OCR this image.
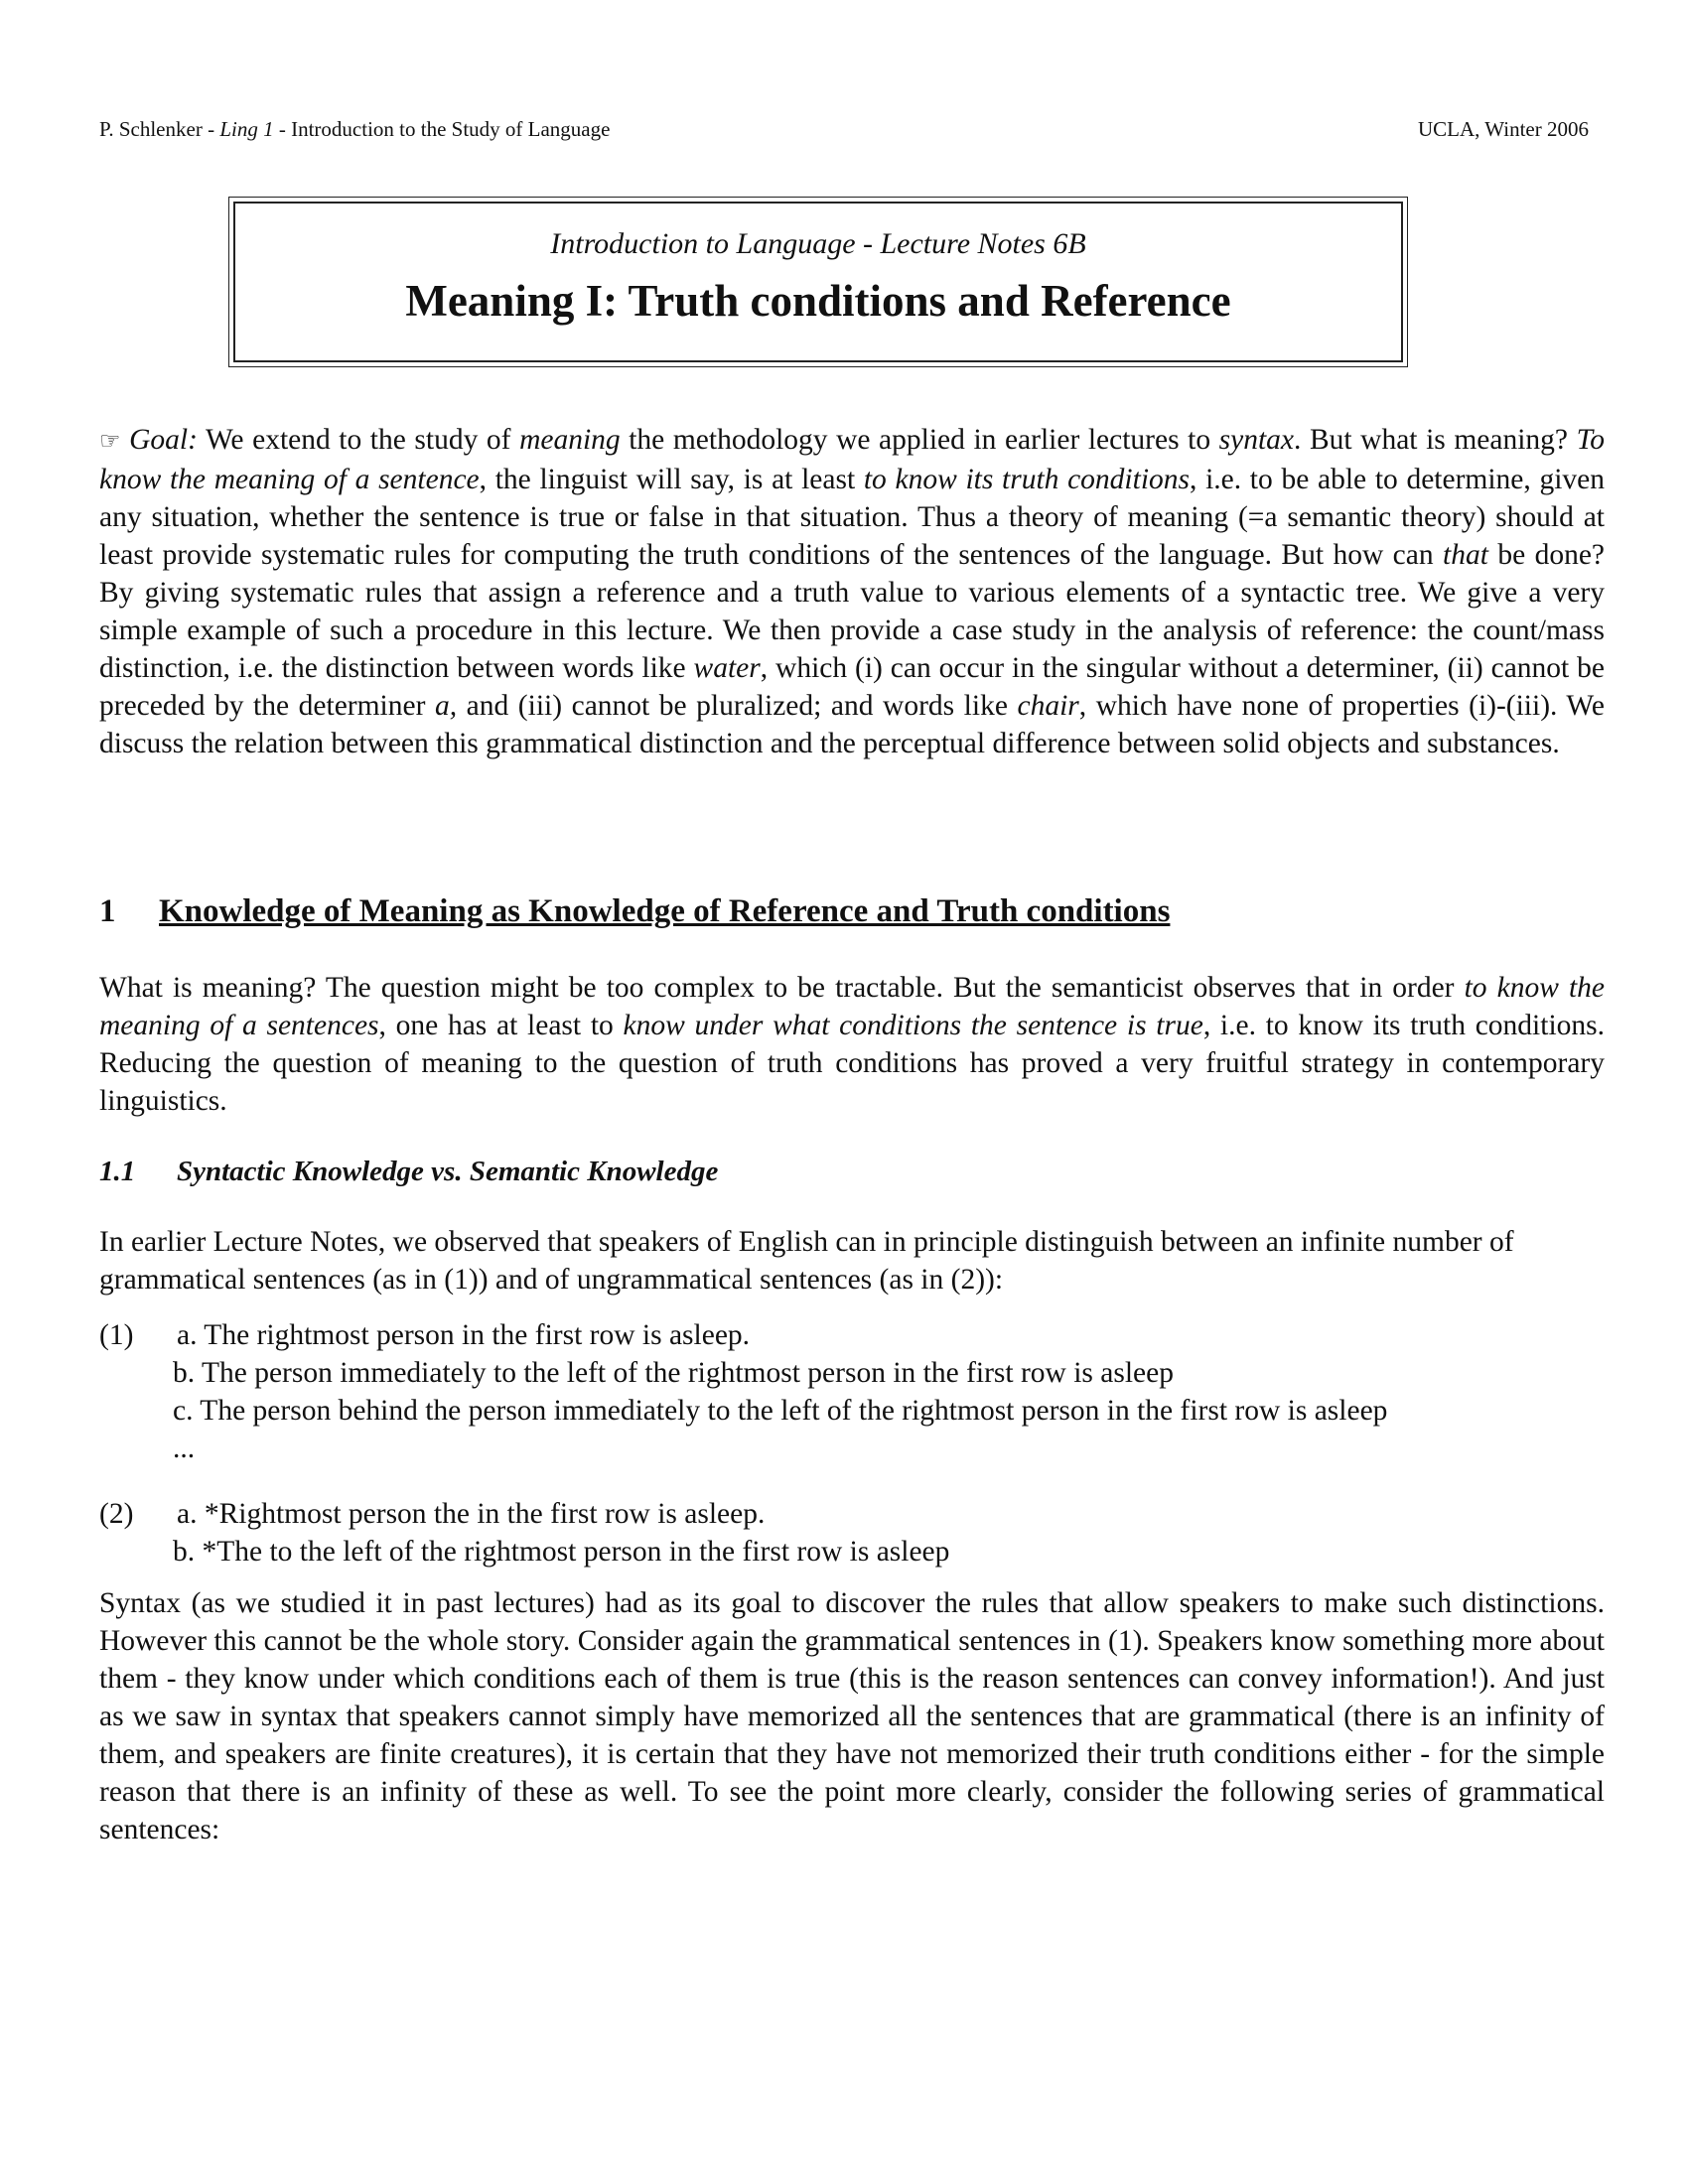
P. Schlenker - Ling 1 - Introduction to the Study of Language	UCLA, Winter 2006
Introduction to Language - Lecture Notes 6B
Meaning I: Truth conditions and Reference

☞ Goal: We extend to the study of meaning the methodology we applied in earlier lectures to syntax. But what is meaning? To know the meaning of a sentence, the linguist will say, is at least to know its truth conditions, i.e. to be able to determine, given any situation, whether the sentence is true or false in that situation. Thus a theory of meaning (=a semantic theory) should at least provide systematic rules for computing the truth conditions of the sentences of the language. But how can that be done? By giving systematic rules that assign a reference and a truth value to various elements of a syntactic tree. We give a very simple example of such a procedure in this lecture. We then provide a case study in the analysis of reference: the count/mass distinction, i.e. the distinction between words like water, which (i) can occur in the singular without a determiner, (ii) cannot be preceded by the determiner a, and (iii) cannot be pluralized; and words like chair, which have none of properties (i)-(iii). We discuss the relation between this grammatical distinction and the perceptual difference between solid objects and substances.

1 Knowledge of Meaning as Knowledge of Reference and Truth conditions

What is meaning? The question might be too complex to be tractable. But the semanticist observes that in order to know the meaning of a sentences, one has at least to know under what conditions the sentence is true, i.e. to know its truth conditions. Reducing the question of meaning to the question of truth conditions has proved a very fruitful strategy in contemporary linguistics.

1.1 Syntactic Knowledge vs. Semantic Knowledge

In earlier Lecture Notes, we observed that speakers of English can in principle distinguish between an infinite number of grammatical sentences (as in (1)) and of ungrammatical sentences (as in (2)):

(1) a. The rightmost person in the first row is asleep.
b. The person immediately to the left of the rightmost person in the first row is asleep
c. The person behind the person immediately to the left of the rightmost person in the first row is asleep
...
(2) a. *Rightmost person the in the first row is asleep.
b. *The to the left of the rightmost person in the first row is asleep

Syntax (as we studied it in past lectures) had as its goal to discover the rules that allow speakers to make such distinctions. However this cannot be the whole story. Consider again the grammatical sentences in (1). Speakers know something more about them - they know under which conditions each of them is true (this is the reason sentences can convey information!). And just as we saw in syntax that speakers cannot simply have memorized all the sentences that are grammatical (there is an infinity of them, and speakers are finite creatures), it is certain that they have not memorized their truth conditions either - for the simple reason that there is an infinity of these as well. To see the point more clearly, consider the following series of grammatical sentences:
